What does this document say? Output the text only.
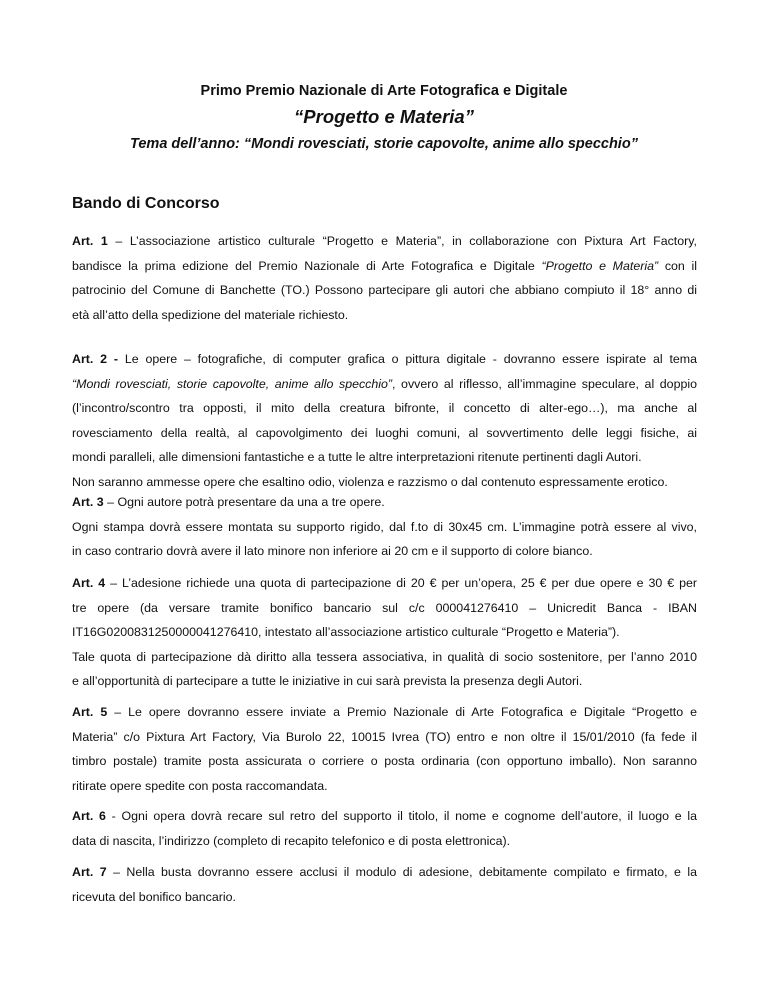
Primo Premio Nazionale di Arte Fotografica e Digitale
“Progetto e Materia”
Tema dell’anno: “Mondi rovesciati, storie capovolte, anime allo specchio”
Bando di Concorso
Art. 1 – L’associazione artistico culturale “Progetto e Materia”, in collaborazione con Pixtura Art Factory,
bandisce la prima edizione del Premio Nazionale di Arte Fotografica e Digitale “Progetto e Materia” con il
patrocinio del Comune di Banchette (TO.) Possono partecipare gli autori che abbiano compiuto il 18° anno di
età all’atto della spedizione del materiale richiesto.
Art. 2 - Le opere – fotografiche, di computer grafica o pittura digitale - dovranno essere ispirate al tema
“Mondi rovesciati, storie capovolte, anime allo specchio”, ovvero al riflesso, all’immagine speculare, al doppio
(l’incontro/scontro tra opposti, il mito della creatura bifronte, il concetto di alter-ego…), ma anche al
rovesciamento della realtà, al capovolgimento dei luoghi comuni, al sovvertimento delle leggi fisiche, ai
mondi paralleli, alle dimensioni fantastiche e a tutte le altre interpretazioni ritenute pertinenti dagli Autori.
Non saranno ammesse opere che esaltino odio, violenza e razzismo o dal contenuto espressamente erotico.
Art. 3 – Ogni autore potrà presentare da una a tre opere.
Ogni stampa dovrà essere montata su supporto rigido, dal f.to di 30x45 cm. L’immagine potrà essere al vivo,
in caso contrario dovrà avere il lato minore non inferiore ai 20 cm e il supporto di colore bianco.
Art. 4 – L’adesione richiede una quota di partecipazione di 20 € per un’opera, 25 € per due opere e 30 € per
tre opere (da versare tramite bonifico bancario sul c/c 000041276410 – Unicredit Banca - IBAN
IT16G0200831250000041276410, intestato all’associazione artistico culturale “Progetto e Materia”).
Tale quota di partecipazione dà diritto alla tessera associativa, in qualità di socio sostenitore, per l’anno 2010
e all’opportunità di partecipare a tutte le iniziative in cui sarà prevista la presenza degli Autori.
Art. 5 – Le opere dovranno essere inviate a Premio Nazionale di Arte Fotografica e Digitale “Progetto e
Materia” c/o Pixtura Art Factory, Via Burolo 22, 10015 Ivrea (TO) entro e non oltre il 15/01/2010 (fa fede il
timbro postale) tramite posta assicurata o corriere o posta ordinaria (con opportuno imballo). Non saranno
ritirate opere spedite con posta raccomandata.
Art. 6 - Ogni opera dovrà recare sul retro del supporto il titolo, il nome e cognome dell’autore, il luogo e la
data di nascita, l’indirizzo (completo di recapito telefonico e di posta elettronica).
Art. 7 – Nella busta dovranno essere acclusi il modulo di adesione, debitamente compilato e firmato, e la
ricevuta del bonifico bancario.
